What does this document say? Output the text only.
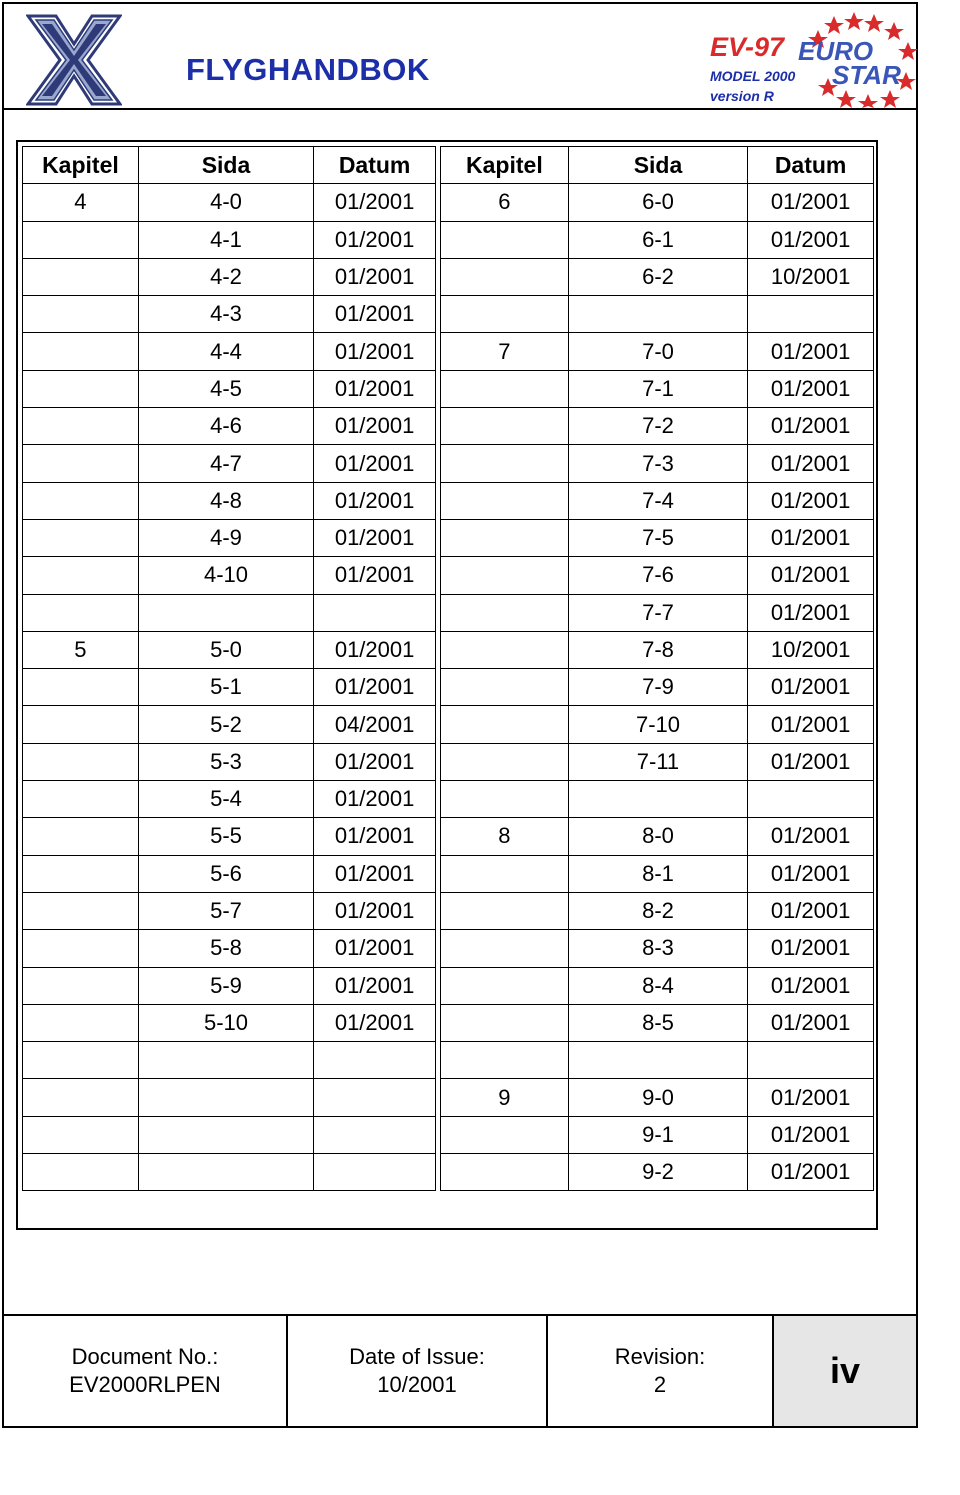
FLYGHANDBOK
EV-97 EURO
STAR
MODEL 2000
version R
Kapitel	Sida	Datum
4	4-0	01/2001
	4-1	01/2001
	4-2	01/2001
	4-3	01/2001
	4-4	01/2001
	4-5	01/2001
	4-6	01/2001
	4-7	01/2001
	4-8	01/2001
	4-9	01/2001
	4-10	01/2001

5	5-0	01/2001
	5-1	01/2001
	5-2	04/2001
	5-3	01/2001
	5-4	01/2001
	5-5	01/2001
	5-6	01/2001
	5-7	01/2001
	5-8	01/2001
	5-9	01/2001
	5-10	01/2001

Kapitel	Sida	Datum
6	6-0	01/2001
	6-1	01/2001
	6-2	10/2001

7	7-0	01/2001
	7-1	01/2001
	7-2	01/2001
	7-3	01/2001
	7-4	01/2001
	7-5	01/2001
	7-6	01/2001
	7-7	01/2001
	7-8	10/2001
	7-9	01/2001
	7-10	01/2001
	7-11	01/2001

8	8-0	01/2001
	8-1	01/2001
	8-2	01/2001
	8-3	01/2001
	8-4	01/2001
	8-5	01/2001

9	9-0	01/2001
	9-1	01/2001
	9-2	01/2001
Document No.:
EV2000RLPEN
Date of Issue:
10/2001
Revision:
2	iv
